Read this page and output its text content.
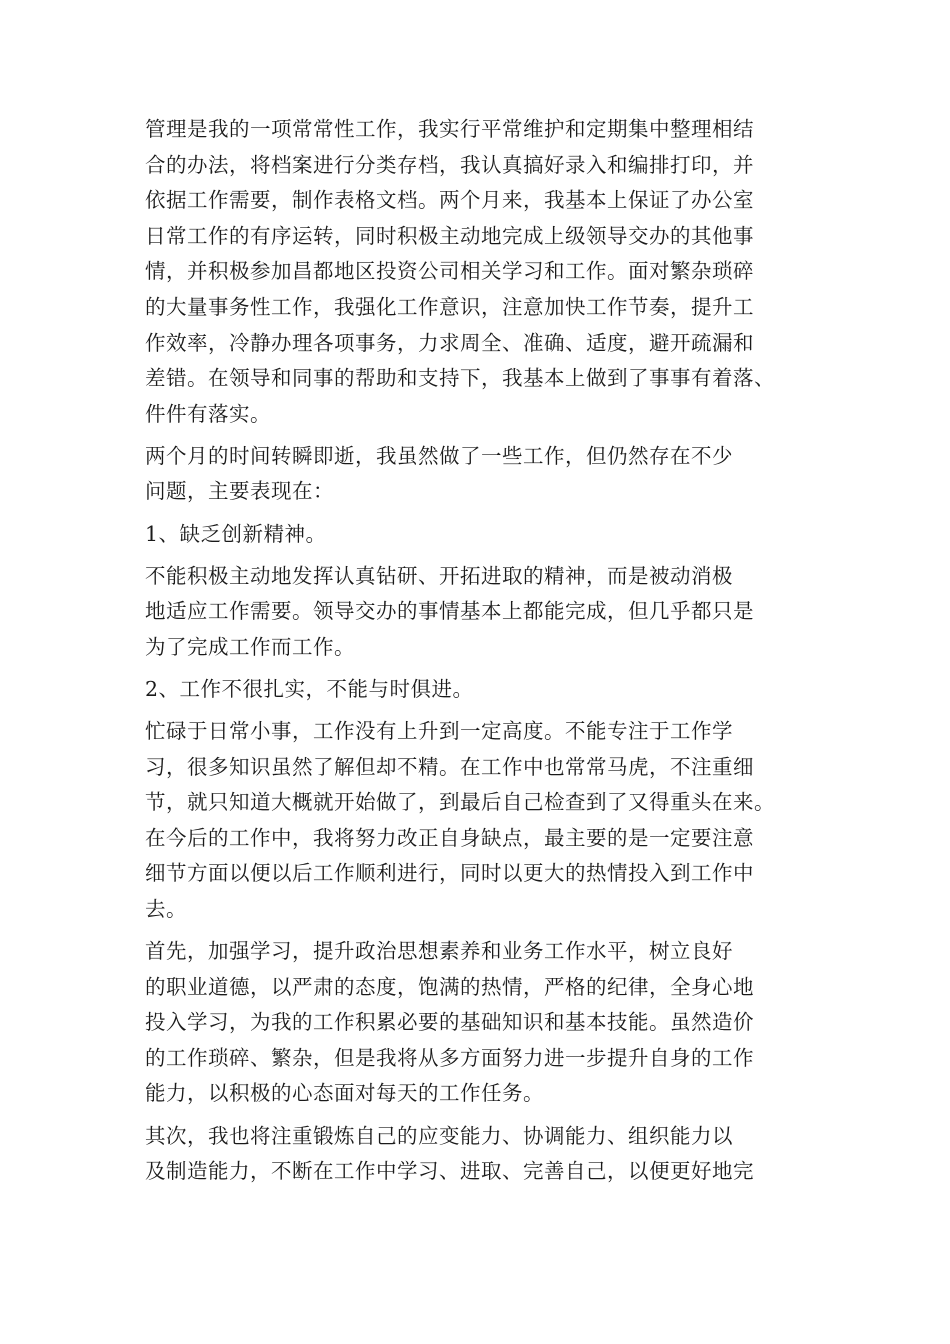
管理是我的一项常常性工作，我实行平常维护和定期集中整理相结
合的办法，将档案进行分类存档，我认真搞好录入和编排打印，并
依据工作需要，制作表格文档。两个月来，我基本上保证了办公室
日常工作的有序运转，同时积极主动地完成上级领导交办的其他事
情，并积极参加昌都地区投资公司相关学习和工作。面对繁杂琐碎
的大量事务性工作，我强化工作意识，注意加快工作节奏，提升工
作效率，冷静办理各项事务，力求周全、准确、适度，避开疏漏和
差错。在领导和同事的帮助和支持下，我基本上做到了事事有着落、
件件有落实。
两个月的时间转瞬即逝，我虽然做了一些工作，但仍然存在不少
问题，主要表现在：
1、缺乏创新精神。
不能积极主动地发挥认真钻研、开拓进取的精神，而是被动消极
地适应工作需要。领导交办的事情基本上都能完成，但几乎都只是
为了完成工作而工作。
2、工作不很扎实，不能与时俱进。
忙碌于日常小事，工作没有上升到一定高度。不能专注于工作学
习，很多知识虽然了解但却不精。在工作中也常常马虎，不注重细
节，就只知道大概就开始做了，到最后自己检查到了又得重头在来。
在今后的工作中，我将努力改正自身缺点，最主要的是一定要注意
细节方面以便以后工作顺利进行，同时以更大的热情投入到工作中
去。
首先，加强学习，提升政治思想素养和业务工作水平，树立良好
的职业道德，以严肃的态度，饱满的热情，严格的纪律，全身心地
投入学习，为我的工作积累必要的基础知识和基本技能。虽然造价
的工作琐碎、繁杂，但是我将从多方面努力进一步提升自身的工作
能力，以积极的心态面对每天的工作任务。
其次，我也将注重锻炼自己的应变能力、协调能力、组织能力以
及制造能力，不断在工作中学习、进取、完善自己，以便更好地完
